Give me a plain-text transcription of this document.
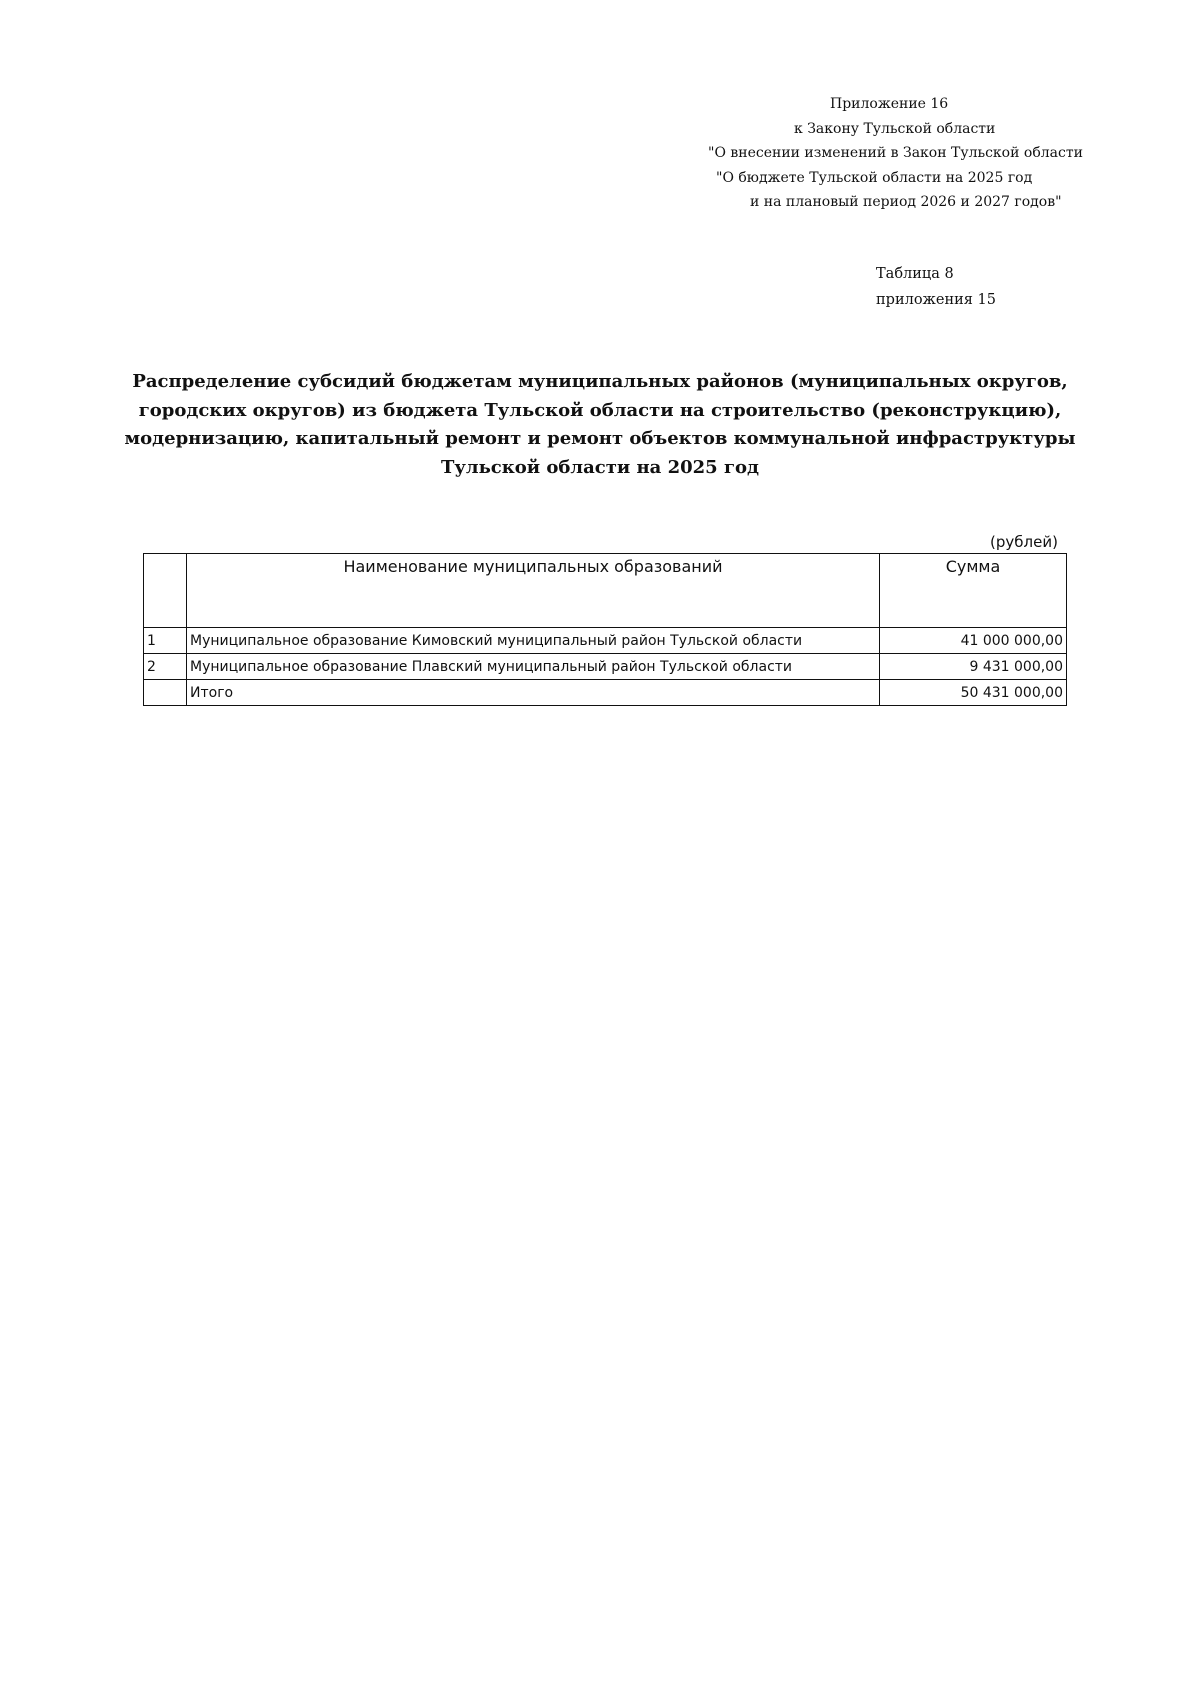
Приложение 16
к Закону Тульской области
"О внесении изменений в Закон Тульской области
"О бюджете Тульской области на 2025 год
и на плановый период 2026 и 2027 годов"
Таблица 8
приложения 15
Распределение субсидий бюджетам муниципальных районов (муниципальных округов,
городских округов) из бюджета Тульской области на строительство (реконструкцию),
модернизацию, капитальный ремонт и ремонт объектов коммунальной инфраструктуры
Тульской области на 2025 год
(рублей)
	Наименование муниципальных образований	Сумма
1	Муниципальное образование Кимовский муниципальный район Тульской области	41 000 000,00
2	Муниципальное образование Плавский муниципальный район Тульской области	9 431 000,00
	Итого	50 431 000,00
